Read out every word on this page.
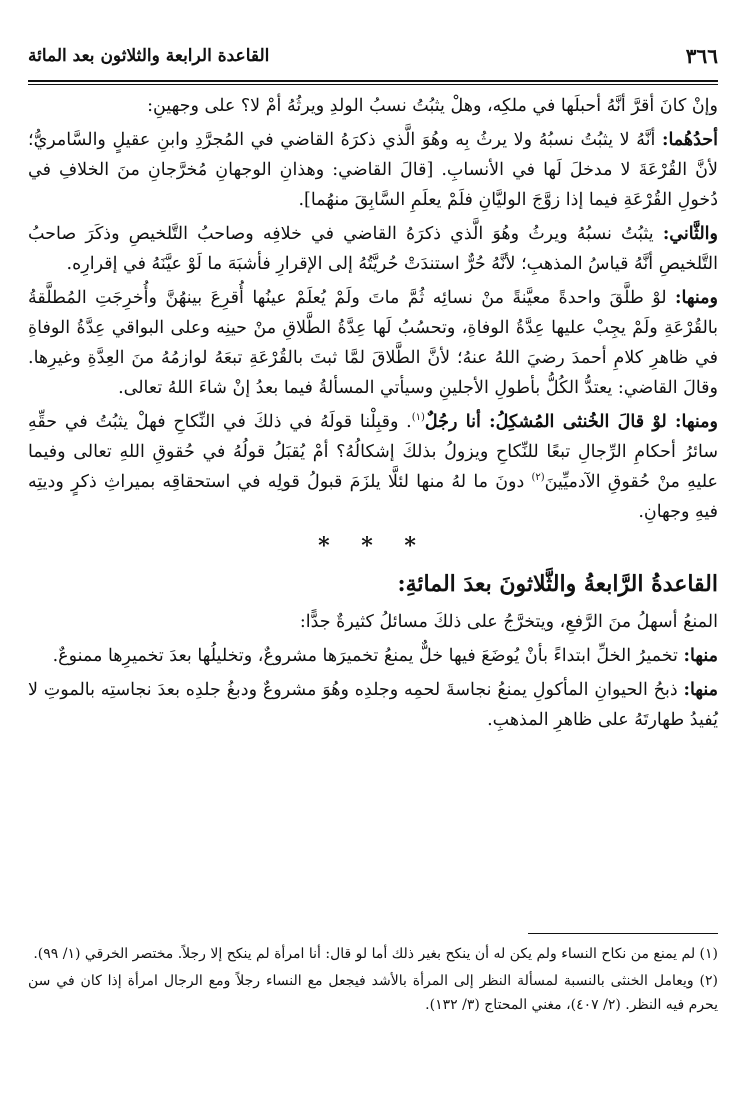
٣٦٦
القاعدة الرابعة والثلاثون بعد المائة

وإنْ كانَ أقرَّ أنَّهُ أحبلَها في ملكِه، وهلْ يثبُتُ نسبُ الولدِ ويرثُهُ أمْ لا؟ على وجهينِ:

أحدُهُما: أنَّهُ لا يثبُتُ نسبُهُ ولا يرثُ بِه وهُوَ الَّذي ذكرَهُ القاضي في المُجرَّدِ وابنِ عقيلٍ والسَّامريُّ؛ لأنَّ القُرْعَةَ لا مدخلَ لَها في الأنسابِ. [قالَ القاضي: وهذانِ الوجهانِ مُخرَّجانِ منَ الخلافِ في دُخولِ القُرْعَةِ فيما إذا زوَّجَ الوليَّانِ فلَمْ يعلَمِ السَّابِقَ منهُما].

والثَّاني: يثبُتُ نسبُهُ ويرثُ وهُوَ الَّذي ذكرَهُ القاضي في خلافِه وصاحبُ التَّلخيصِ وذكَرَ صاحبُ التَّلخيصِ أنَّهُ قياسُ المذهبِ؛ لأنَّهُ حُرٌّ استندَتْ حُريَّتُهُ إلى الإقرارِ فأشبَهَ ما لَوْ عيَّنَهُ في إقرارِه.

ومنها: لوْ طلَّقَ واحدةً معيَّنةً منْ نسائِه ثُمَّ ماتَ ولَمْ يُعلَمْ عينُها أُقرِعَ بينهُنَّ وأُخرِجَتِ المُطلَّقةُ بالقُرْعَةِ ولَمْ يجِبْ عليها عِدَّةُ الوفاةِ، وتحسُبُ لَها عِدَّةُ الطَّلاقِ منْ حينِه وعلى البواقي عِدَّةُ الوفاةِ في ظاهرِ كلامِ أحمدَ رضيَ اللهُ عنهُ؛ لأنَّ الطَّلاقَ لمَّا ثبتَ بالقُرْعَةِ تبعَهُ لوازمُهُ منَ العِدَّةِ وغيرِها. وقالَ القاضي: يعتدُّ الكُلُّ بأطولِ الأجلينِ وسيأتي المسألةُ فيما بعدُ إنْ شاءَ اللهُ تعالى.

ومنها: لوْ قالَ الخُنثى المُشكِلُ: أنا رجُلٌ$^{(١)}$. وقبِلْنا قولَهُ في ذلكَ في النِّكاحِ فهلْ يثبُتُ في حقِّهِ سائرُ أحكامِ الرِّجالِ تبعًا للنِّكاحِ ويزولُ بذلكَ إشكالُهُ؟ أمْ يُقبَلُ قولُهُ في حُقوقِ اللهِ تعالى وفيما عليهِ منْ حُقوقِ الآدميِّينَ$^{(٢)}$ دونَ ما لهُ منها لئلَّا يلزَمَ قبولُ قولِه في استحقاقِه بميراثِ ذكرٍ وديتِه فيهِ وجهانِ.

* * *
القاعدةُ الرَّابعةُ والثَّلاثونَ بعدَ المائةِ:

المنعُ أسهلُ منَ الرَّفعِ، ويتخرَّجُ على ذلكَ مسائلُ كثيرةٌ جدًّا:

منها: تخميرُ الخلِّ ابتداءً بأنْ يُوضَعَ فيها خلٌّ يمنعُ تخميرَها مشروعٌ، وتخليلُها بعدَ تخميرِها ممنوعٌ.

منها: ذبحُ الحيوانِ المأكولِ يمنعُ نجاسةَ لحمِه وجلدِه وهُوَ مشروعٌ ودبغُ جلدِه بعدَ نجاستِه بالموتِ لا يُفيدُ طهارتَهُ على ظاهرِ المذهبِ.

(١) لم يمنع من نكاح النساء ولم يكن له أن ينكح بغير ذلك أما لو قال: أنا امرأة لم ينكح إلا رجلاً. مختصر الخرقي (١/ ٩٩).

(٢) ويعامل الخنثى بالنسبة لمسألة النظر إلى المرأة بالأشد فيجعل مع النساء رجلاً ومع الرجال امرأة إذا كان في سن يحرم فيه النظر. (٢/ ٤٠٧)، مغني المحتاج (٣/ ١٣٢).
